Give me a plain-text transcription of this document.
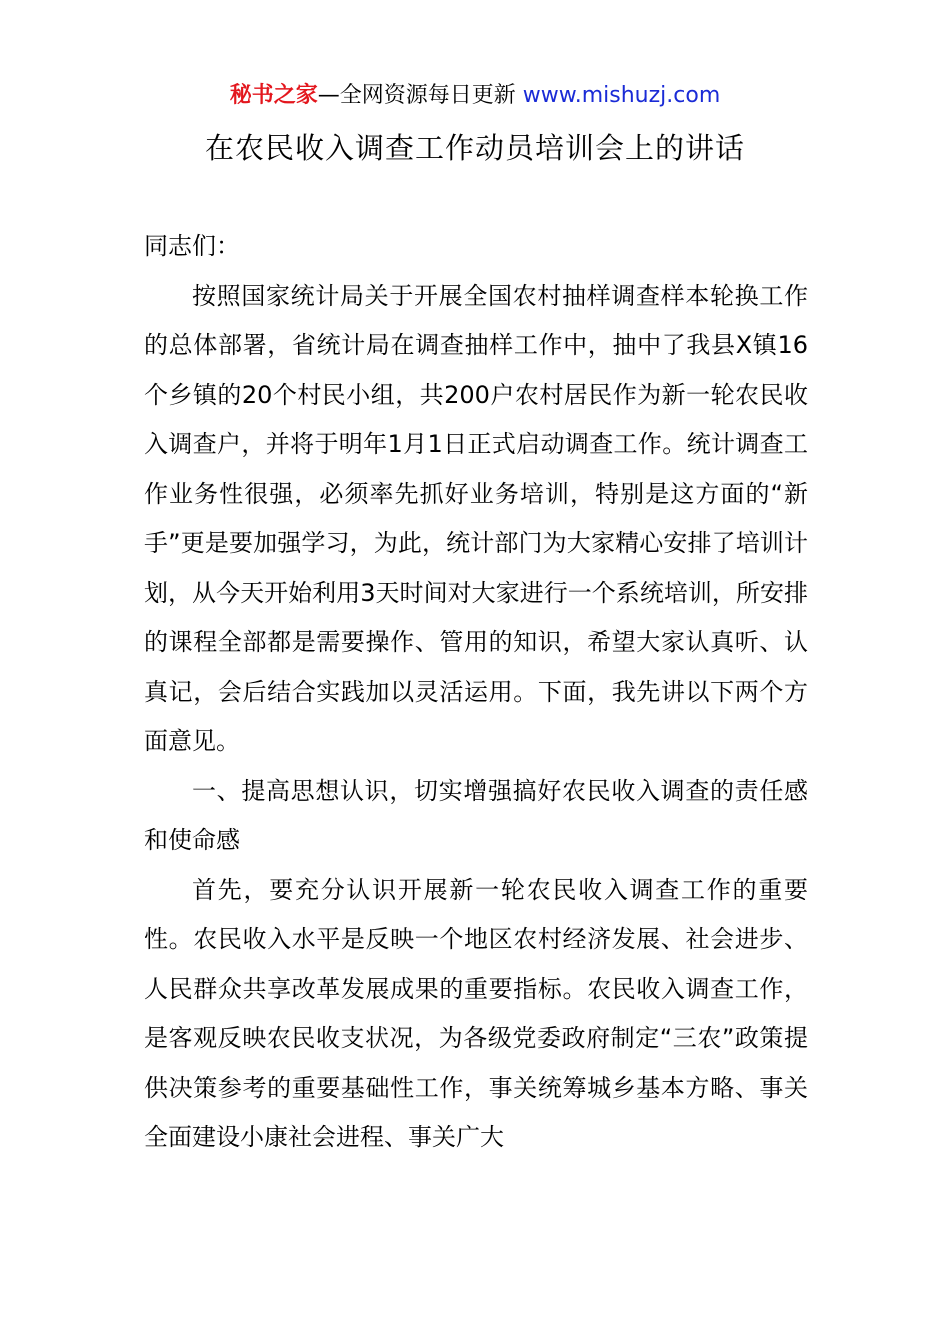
秘书之家—全网资源每日更新 www.mishuzj.com
在农民收入调查工作动员培训会上的讲话

同志们：

按照国家统计局关于开展全国农村抽样调查样本轮换工作的总体部署，省统计局在调查抽样工作中，抽中了我县X镇16个乡镇的20个村民小组，共200户农村居民作为新一轮农民收入调查户，并将于明年1月1日正式启动调查工作。统计调查工作业务性很强，必须率先抓好业务培训，特别是这方面的“新手”更是要加强学习，为此，统计部门为大家精心安排了培训计划，从今天开始利用3天时间对大家进行一个系统培训，所安排的课程全部都是需要操作、管用的知识，希望大家认真听、认真记，会后结合实践加以灵活运用。下面，我先讲以下两个方面意见。

一、提高思想认识，切实增强搞好农民收入调查的责任感和使命感

首先，要充分认识开展新一轮农民收入调查工作的重要性。农民收入水平是反映一个地区农村经济发展、社会进步、人民群众共享改革发展成果的重要指标。农民收入调查工作，是客观反映农民收支状况，为各级党委政府制定“三农”政策提供决策参考的重要基础性工作，事关统筹城乡基本方略、事关全面建设小康社会进程、事关广大
